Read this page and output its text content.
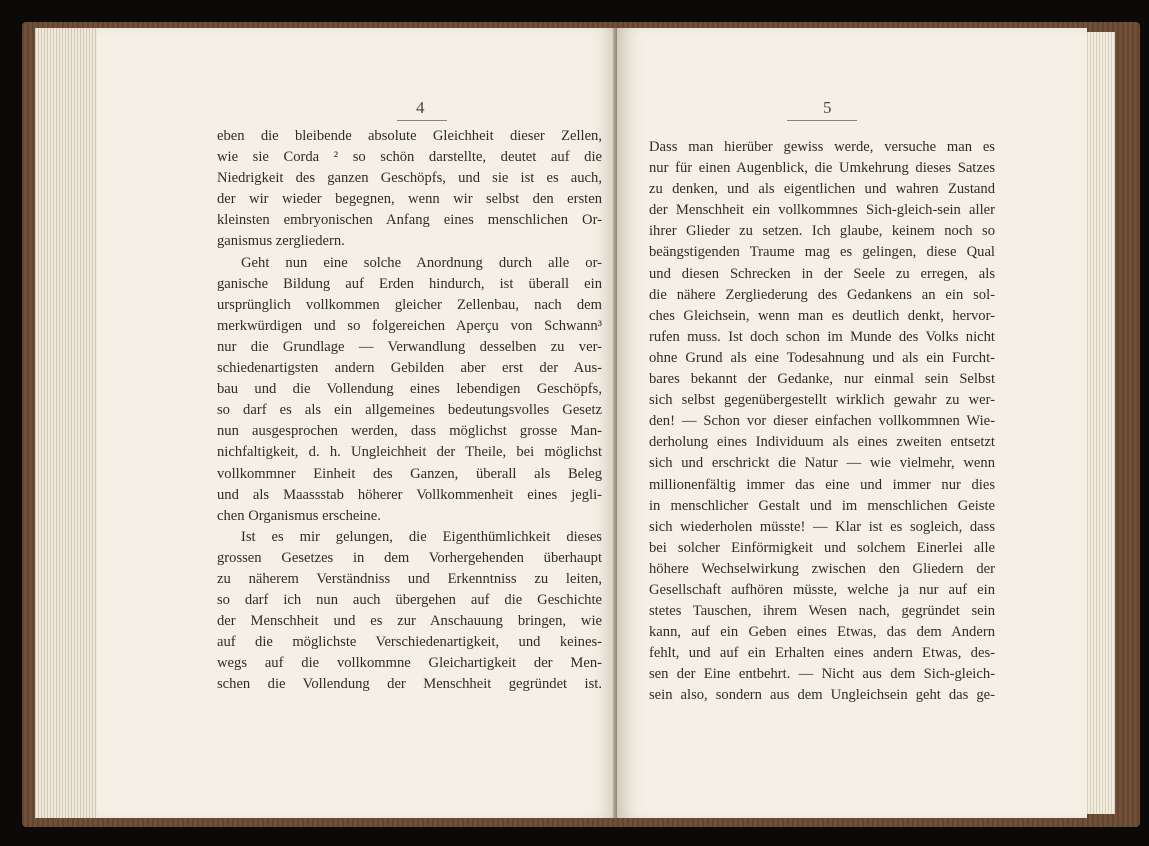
4
eben die bleibende absolute Gleichheit dieser Zellen,
wie sie Corda ² so schön darstellte, deutet auf die
Niedrigkeit des ganzen Geschöpfs, und sie ist es auch,
der wir wieder begegnen, wenn wir selbst den ersten
kleinsten embryonischen Anfang eines menschlichen Or-
ganismus zergliedern.
Geht nun eine solche Anordnung durch alle or-
ganische Bildung auf Erden hindurch, ist überall ein
ursprünglich vollkommen gleicher Zellenbau, nach dem
merkwürdigen und so folgereichen Aperçu von Schwann³
nur die Grundlage — Verwandlung desselben zu ver-
schiedenartigsten andern Gebilden aber erst der Aus-
bau und die Vollendung eines lebendigen Geschöpfs,
so darf es als ein allgemeines bedeutungsvolles Gesetz
nun ausgesprochen werden, dass möglichst grosse Man-
nichfaltigkeit, d. h. Ungleichheit der Theile, bei möglichst
vollkommner Einheit des Ganzen, überall als Beleg
und als Maassstab höherer Vollkommenheit eines jegli-
chen Organismus erscheine.
Ist es mir gelungen, die Eigenthümlichkeit dieses
grossen Gesetzes in dem Vorhergehenden überhaupt
zu näherem Verständniss und Erkenntniss zu leiten,
so darf ich nun auch übergehen auf die Geschichte
der Menschheit und es zur Anschauung bringen, wie
auf die möglichste Verschiedenartigkeit, und keines-
wegs auf die vollkommne Gleichartigkeit der Men-
schen die Vollendung der Menschheit gegründet ist.
5
Dass man hierüber gewiss werde, versuche man es
nur für einen Augenblick, die Umkehrung dieses Satzes
zu denken, und als eigentlichen und wahren Zustand
der Menschheit ein vollkommnes Sich-gleich-sein aller
ihrer Glieder zu setzen. Ich glaube, keinem noch so
beängstigenden Traume mag es gelingen, diese Qual
und diesen Schrecken in der Seele zu erregen, als
die nähere Zergliederung des Gedankens an ein sol-
ches Gleichsein, wenn man es deutlich denkt, hervor-
rufen muss. Ist doch schon im Munde des Volks nicht
ohne Grund als eine Todesahnung und als ein Furcht-
bares bekannt der Gedanke, nur einmal sein Selbst
sich selbst gegenübergestellt wirklich gewahr zu wer-
den! — Schon vor dieser einfachen vollkommnen Wie-
derholung eines Individuum als eines zweiten entsetzt
sich und erschrickt die Natur — wie vielmehr, wenn
millionenfältig immer das eine und immer nur dies
in menschlicher Gestalt und im menschlichen Geiste
sich wiederholen müsste! — Klar ist es sogleich, dass
bei solcher Einförmigkeit und solchem Einerlei alle
höhere Wechselwirkung zwischen den Gliedern der
Gesellschaft aufhören müsste, welche ja nur auf ein
stetes Tauschen, ihrem Wesen nach, gegründet sein
kann, auf ein Geben eines Etwas, das dem Andern
fehlt, und auf ein Erhalten eines andern Etwas, des-
sen der Eine entbehrt. — Nicht aus dem Sich-gleich-
sein also, sondern aus dem Ungleichsein geht das ge-
